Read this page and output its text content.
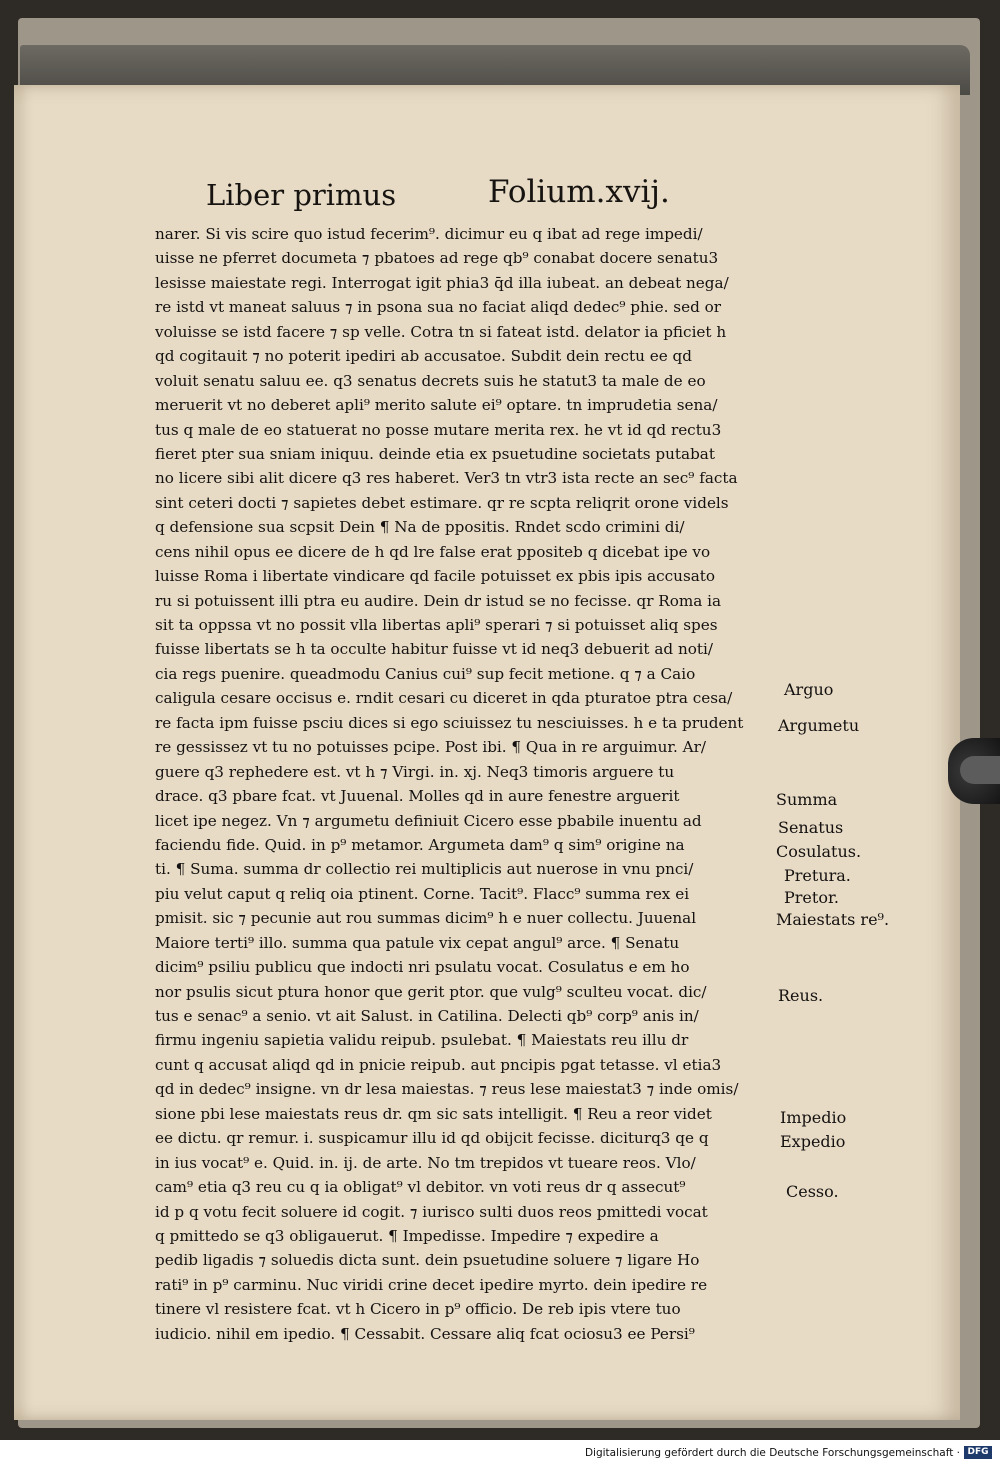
Liber primus	Folium.xvij.
narer. Si vis scire quo istud fecerim⁹. dicimur eu q ibat ad rege impedi/
uisse ne pferret documeta ⁊ pbatoes ad rege qb⁹ conabat docere senatu3
lesisse maiestate regi. Interrogat igit phia3 q̄d illa iubeat. an debeat nega/
re istd vt maneat saluus ⁊ in psona sua no faciat aliqd dedec⁹ phie. sed or
voluisse se istd facere ⁊ sp velle. Cotra tn si fateat istd. delator ia pficiet h
qd cogitauit ⁊ no poterit ipediri ab accusatoe. Subdit dein rectu ee qd
voluit senatu saluu ee. q3 senatus decrets suis he statut3 ta male de eo
meruerit vt no deberet apli⁹ merito salute ei⁹ optare. tn imprudetia sena/
tus q male de eo statuerat no posse mutare merita rex. he vt id qd rectu3
fieret pter sua sniam iniquu. deinde etia ex psuetudine societats putabat
no licere sibi alit dicere q3 res haberet. Ver3 tn vtr3 ista recte an sec⁹ facta
sint ceteri docti ⁊ sapietes debet estimare. qr re scpta reliqrit orone videls
q defensione sua scpsit Dein ¶ Na de ppositis. Rndet scdo crimini di/
cens nihil opus ee dicere de h qd lre false erat ppositeb q dicebat ipe vo
luisse Roma i libertate vindicare qd facile potuisset ex pbis ipis accusato
ru si potuissent illi ptra eu audire. Dein dr istud se no fecisse. qr Roma ia
sit ta oppssa vt no possit vlla libertas apli⁹ sperari ⁊ si potuisset aliq spes
fuisse libertats se h ta occulte habitur fuisse vt id neq3 debuerit ad noti/
cia regs puenire. queadmodu Canius cui⁹ sup fecit metione. q ⁊ a Caio
caligula cesare occisus e. rndit cesari cu diceret in qda pturatoe ptra cesa/
re facta ipm fuisse psciu dices si ego sciuissez tu nesciuisses. h e ta prudent
re gessissez vt tu no potuisses pcipe. Post ibi. ¶ Qua in re arguimur. Ar/
guere q3 rephedere est. vt h ⁊ Virgi. in. xj. Neq3 timoris arguere tu
drace. q3 pbare fcat. vt Juuenal. Molles qd in aure fenestre arguerit
licet ipe negez. Vn ⁊ argumetu definiuit Cicero esse pbabile inuentu ad
faciendu fide. Quid. in p⁹ metamor. Argumeta dam⁹ q sim⁹ origine na
ti. ¶ Suma. summa dr collectio rei multiplicis aut nuerose in vnu pnci/
piu velut caput q reliq oia ptinent. Corne. Tacit⁹. Flacc⁹ summa rex ei
pmisit. sic ⁊ pecunie aut rou summas dicim⁹ h e nuer collectu. Juuenal
Maiore terti⁹ illo. summa qua patule vix cepat angul⁹ arce. ¶ Senatu
dicim⁹ psiliu publicu que indocti nri psulatu vocat. Cosulatus e em ho
nor psulis sicut ptura honor que gerit ptor. que vulg⁹ sculteu vocat. dic/
tus e senac⁹ a senio. vt ait Salust. in Catilina. Delecti qb⁹ corp⁹ anis in/
firmu ingeniu sapietia validu reipub. psulebat. ¶ Maiestats reu illu dr
cunt q accusat aliqd qd in pnicie reipub. aut pncipis pgat tetasse. vl etia3
qd in dedec⁹ insigne. vn dr lesa maiestas. ⁊ reus lese maiestat3 ⁊ inde omis/
sione pbi lese maiestats reus dr. qm sic sats intelligit. ¶ Reu a reor videt
ee dictu. qr remur. i. suspicamur illu id qd obijcit fecisse. diciturq3 qe q
in ius vocat⁹ e. Quid. in. ij. de arte. No tm trepidos vt tueare reos. Vlo/
cam⁹ etia q3 reu cu q ia obligat⁹ vl debitor. vn voti reus dr q assecut⁹
id p q votu fecit soluere id cogit. ⁊ iurisco sulti duos reos pmittedi vocat
q pmittedo se q3 obligauerut. ¶ Impedisse. Impedire ⁊ expedire a
pedib ligadis ⁊ soluedis dicta sunt. dein psuetudine soluere ⁊ ligare Ho
rati⁹ in p⁹ carminu. Nuc viridi crine decet ipedire myrto. dein ipedire re
tinere vl resistere fcat. vt h Cicero in p⁹ officio. De reb ipis vtere tuo
iudicio. nihil em ipedio. ¶ Cessabit. Cessare aliq fcat ociosu3 ee Persi⁹
Arguo
Argumetu
Summa
Senatus
Cosulatus.
Pretura.
Pretor.
Maiestats re⁹.
Reus.
Impedio
Expedio
Cesso.
Digitalisierung gefördert durch die Deutsche Forschungsgemeinschaft · DFG
